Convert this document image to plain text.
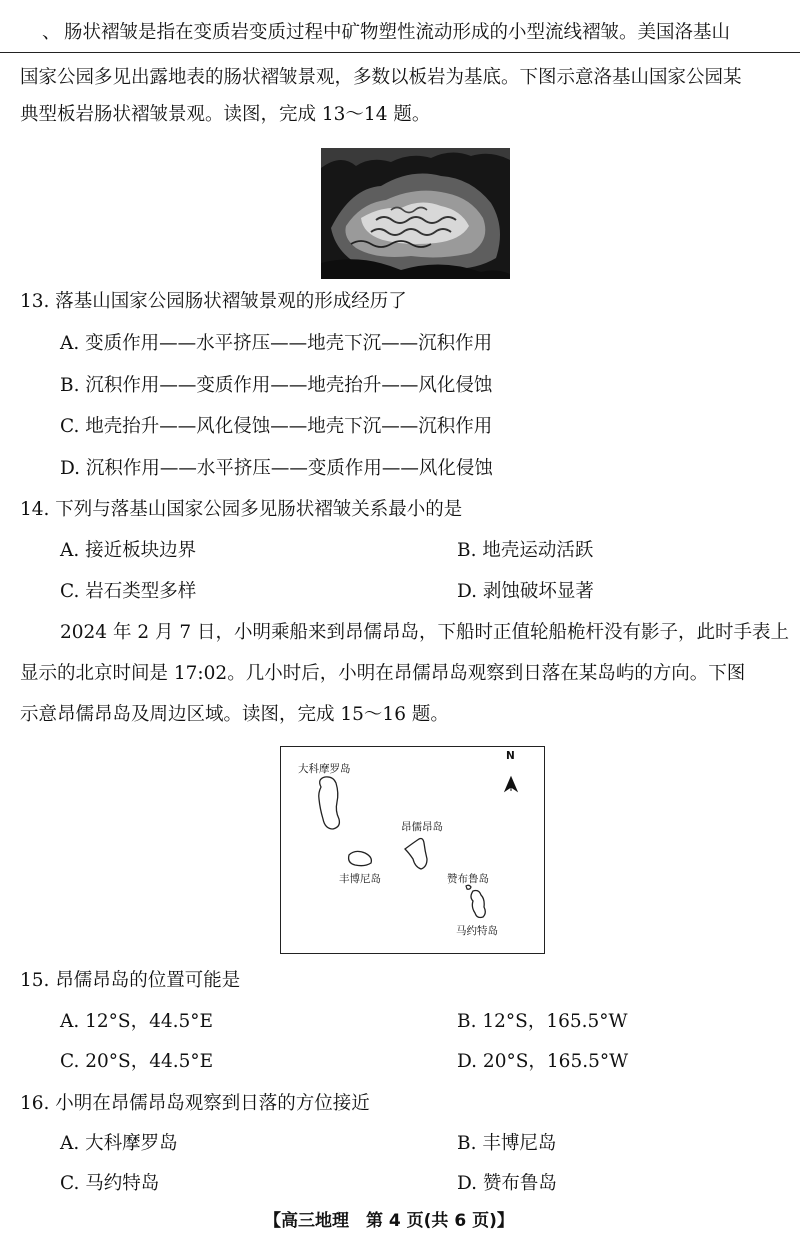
、 肠状褶皱是指在变质岩变质过程中矿物塑性流动形成的小型流线褶皱。美国洛基山
国家公园多见出露地表的肠状褶皱景观，多数以板岩为基底。下图示意洛基山国家公园某
典型板岩肠状褶皱景观。读图，完成 13～14 题。
13. 落基山国家公园肠状褶皱景观的形成经历了
A. 变质作用——水平挤压——地壳下沉——沉积作用
B. 沉积作用——变质作用——地壳抬升——风化侵蚀
C. 地壳抬升——风化侵蚀——地壳下沉——沉积作用
D. 沉积作用——水平挤压——变质作用——风化侵蚀
14. 下列与落基山国家公园多见肠状褶皱关系最小的是
A. 接近板块边界	B. 地壳运动活跃
C. 岩石类型多样	D. 剥蚀破坏显著
2024 年 2 月 7 日，小明乘船来到昂儒昂岛，下船时正值轮船桅杆没有影子，此时手表上
显示的北京时间是 17:02。几小时后，小明在昂儒昂岛观察到日落在某岛屿的方向。下图
示意昂儒昂岛及周边区域。读图，完成 15～16 题。
N
大科摩罗岛
昂儒昂岛
丰博尼岛	赞布鲁岛
马约特岛
15. 昂儒昂岛的位置可能是
A. 12°S，44.5°E	B. 12°S，165.5°W
C. 20°S，44.5°E	D. 20°S，165.5°W
16. 小明在昂儒昂岛观察到日落的方位接近
A. 大科摩罗岛	B. 丰博尼岛
C. 马约特岛	D. 赞布鲁岛
【高三地理　第 4 页(共 6 页)】
